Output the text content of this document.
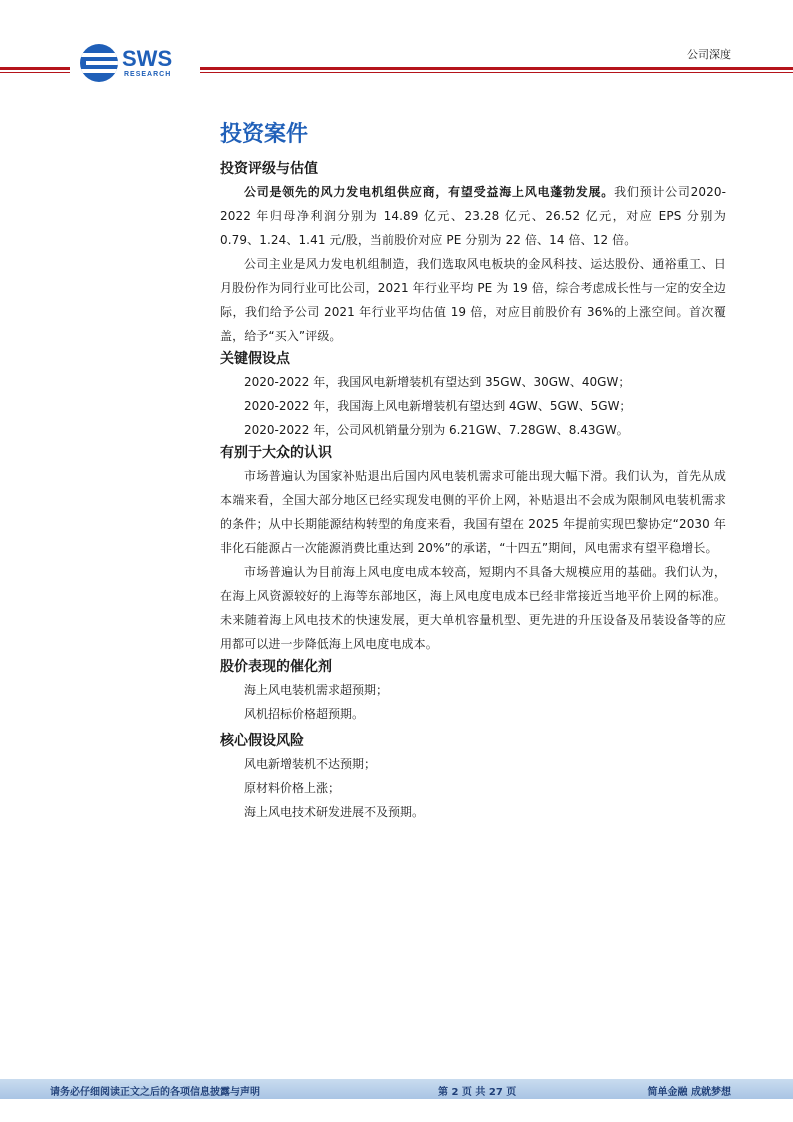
SWS
RESEARCH
公司深度
投资案件
投资评级与估值

公司是领先的风力发电机组供应商，有望受益海上风电蓬勃发展。我们预计公司2020-2022 年归母净利润分别为 14.89 亿元、23.28 亿元、26.52 亿元，对应 EPS 分别为 0.79、1.24、1.41 元/股，当前股价对应 PE 分别为 22 倍、14 倍、12 倍。

公司主业是风力发电机组制造，我们选取风电板块的金风科技、运达股份、通裕重工、日月股份作为同行业可比公司，2021 年行业平均 PE 为 19 倍，综合考虑成长性与一定的安全边际，我们给予公司 2021 年行业平均估值 19 倍，对应目前股价有 36%的上涨空间。首次覆盖，给予“买入”评级。

关键假设点

2020-2022 年，我国风电新增装机有望达到 35GW、30GW、40GW；

2020-2022 年，我国海上风电新增装机有望达到 4GW、5GW、5GW；

2020-2022 年，公司风机销量分别为 6.21GW、7.28GW、8.43GW。

有别于大众的认识

市场普遍认为国家补贴退出后国内风电装机需求可能出现大幅下滑。我们认为，首先从成本端来看，全国大部分地区已经实现发电侧的平价上网，补贴退出不会成为限制风电装机需求的条件；从中长期能源结构转型的角度来看，我国有望在 2025 年提前实现巴黎协定“2030 年非化石能源占一次能源消费比重达到 20%”的承诺，“十四五”期间，风电需求有望平稳增长。

市场普遍认为目前海上风电度电成本较高，短期内不具备大规模应用的基础。我们认为，在海上风资源较好的上海等东部地区，海上风电度电成本已经非常接近当地平价上网的标准。未来随着海上风电技术的快速发展，更大单机容量机型、更先进的升压设备及吊装设备等的应用都可以进一步降低海上风电度电成本。

股价表现的催化剂

海上风电装机需求超预期；

风机招标价格超预期。

核心假设风险

风电新增装机不达预期；

原材料价格上涨；

海上风电技术研发进展不及预期。

请务必仔细阅读正文之后的各项信息披露与声明	第 2 页 共 27 页	简单金融 成就梦想
